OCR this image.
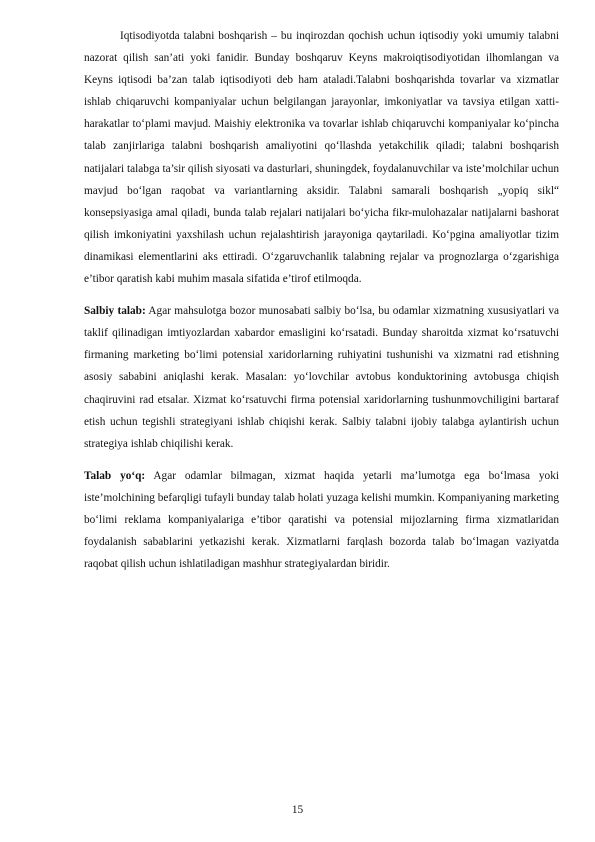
Iqtisodiyotda talabni boshqarish – bu inqirozdan qochish uchun iqtisodiy yoki umumiy talabni nazorat qilish san’ati yoki fanidir. Bunday boshqaruv Keyns makroiqtisodiyotidan ilhomlangan va Keyns iqtisodi ba’zan talab iqtisodiyoti deb ham ataladi.Talabni boshqarishda tovarlar va xizmatlar ishlab chiqaruvchi kompaniyalar uchun belgilangan jarayonlar, imkoniyatlar va tavsiya etilgan xatti-harakatlar to‘plami mavjud. Maishiy elektronika va tovarlar ishlab chiqaruvchi kompaniyalar ko‘pincha talab zanjirlariga talabni boshqarish amaliyotini qo‘llashda yetakchilik qiladi; talabni boshqarish natijalari talabga ta’sir qilish siyosati va dasturlari, shuningdek, foydalanuvchilar va iste’molchilar uchun mavjud bo‘lgan raqobat va variantlarning aksidir. Talabni samarali boshqarish „yopiq sikl“ konsepsiyasiga amal qiladi, bunda talab rejalari natijalari bo‘yicha fikr-mulohazalar natijalarni bashorat qilish imkoniyatini yaxshilash uchun rejalashtirish jarayoniga qaytariladi. Ko‘pgina amaliyotlar tizim dinamikasi elementlarini aks ettiradi. O‘zgaruvchanlik talabning rejalar va prognozlarga o‘zgarishiga e’tibor qaratish kabi muhim masala sifatida e’tirof etilmoqda.

Salbiy talab: Agar mahsulotga bozor munosabati salbiy bo‘lsa, bu odamlar xizmatning xususiyatlari va taklif qilinadigan imtiyozlardan xabardor emasligini ko‘rsatadi. Bunday sharoitda xizmat ko‘rsatuvchi firmaning marketing bo‘limi potensial xaridorlarning ruhiyatini tushunishi va xizmatni rad etishning asosiy sababini aniqlashi kerak. Masalan: yo‘lovchilar avtobus konduktorining avtobusga chiqish chaqiruvini rad etsalar. Xizmat ko‘rsatuvchi firma potensial xaridorlarning tushunmovchiligini bartaraf etish uchun tegishli strategiyani ishlab chiqishi kerak. Salbiy talabni ijobiy talabga aylantirish uchun strategiya ishlab chiqilishi kerak.

Talab yo‘q: Agar odamlar bilmagan, xizmat haqida yetarli ma’lumotga ega bo‘lmasa yoki iste’molchining befarqligi tufayli bunday talab holati yuzaga kelishi mumkin. Kompaniyaning marketing bo‘limi reklama kompaniyalariga e’tibor qaratishi va potensial mijozlarning firma xizmatlaridan foydalanish sabablarini yetkazishi kerak. Xizmatlarni farqlash bozorda talab bo‘lmagan vaziyatda raqobat qilish uchun ishlatiladigan mashhur strategiyalardan biridir.

15
